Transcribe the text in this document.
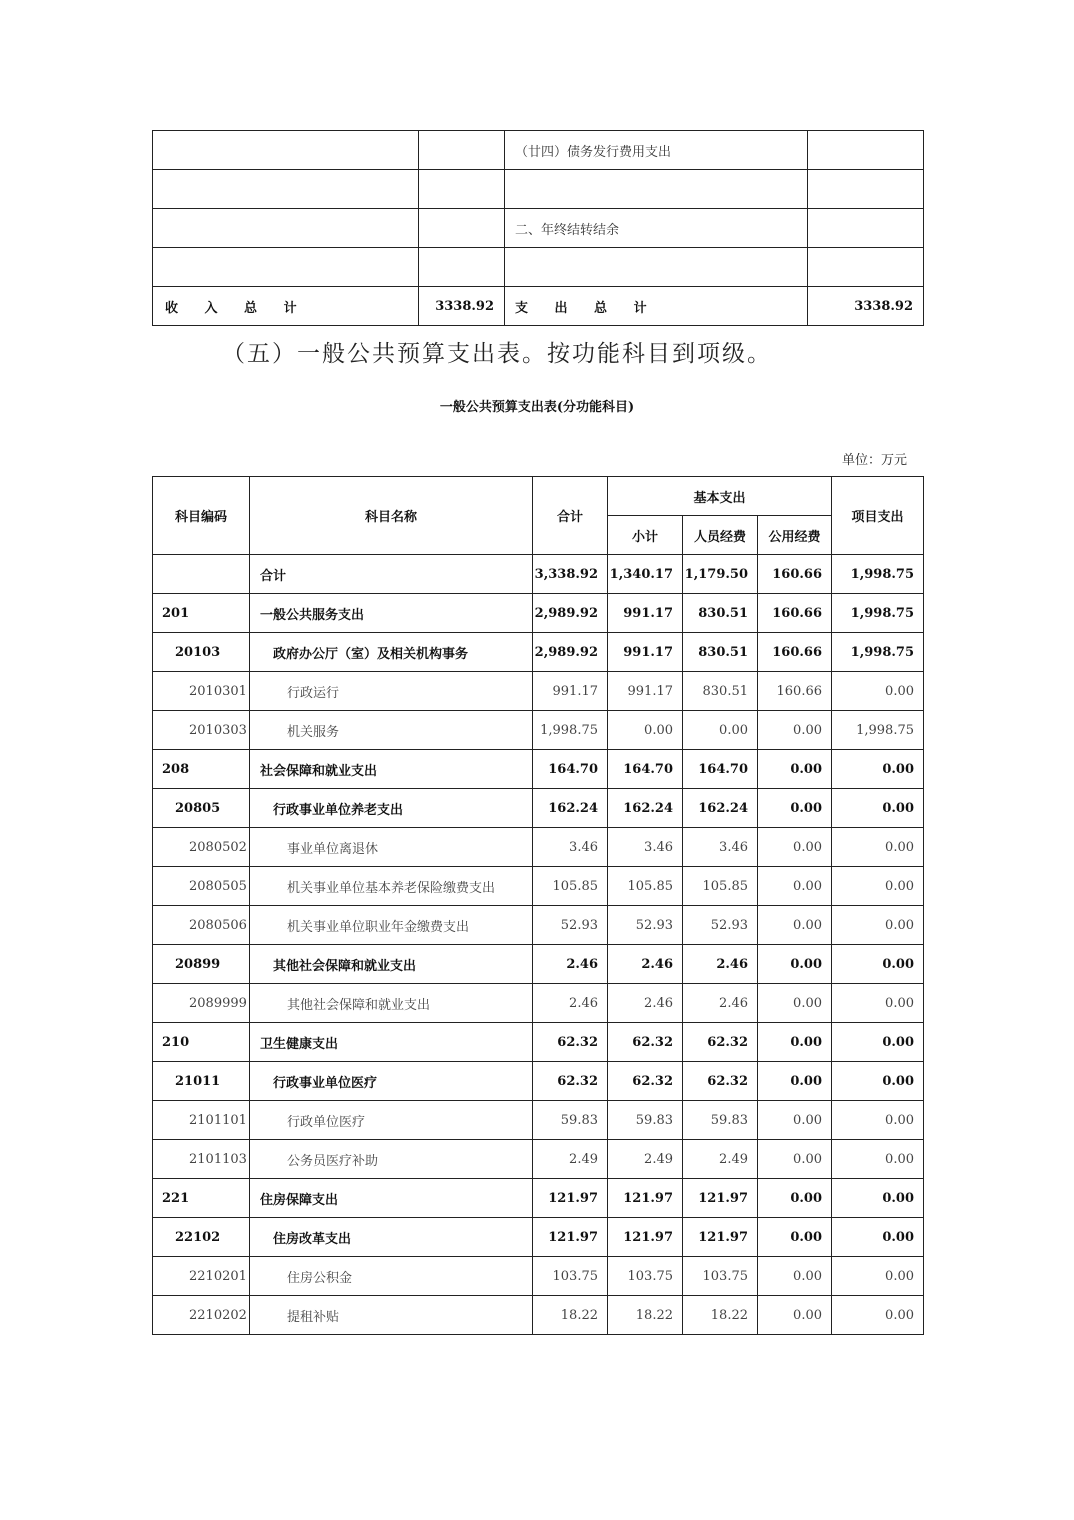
		（廿四）债务发行费用支出	

		二、年终结转结余	

收 入 总 计	3338.92	支 出 总 计	3338.92
（五）一般公共预算支出表。按功能科目到项级。
一般公共预算支出表(分功能科目)
单位：万元
科目编码	科目名称	合计	基本支出			项目支出
			小计	人员经费	公用经费	
	合计	3,338.92	1,340.17	1,179.50	160.66	1,998.75
201	一般公共服务支出	2,989.92	991.17	830.51	160.66	1,998.75
20103	政府办公厅（室）及相关机构事务	2,989.92	991.17	830.51	160.66	1,998.75
2010301	行政运行	991.17	991.17	830.51	160.66	0.00
2010303	机关服务	1,998.75	0.00	0.00	0.00	1,998.75
208	社会保障和就业支出	164.70	164.70	164.70	0.00	0.00
20805	行政事业单位养老支出	162.24	162.24	162.24	0.00	0.00
2080502	事业单位离退休	3.46	3.46	3.46	0.00	0.00
2080505	机关事业单位基本养老保险缴费支出	105.85	105.85	105.85	0.00	0.00
2080506	机关事业单位职业年金缴费支出	52.93	52.93	52.93	0.00	0.00
20899	其他社会保障和就业支出	2.46	2.46	2.46	0.00	0.00
2089999	其他社会保障和就业支出	2.46	2.46	2.46	0.00	0.00
210	卫生健康支出	62.32	62.32	62.32	0.00	0.00
21011	行政事业单位医疗	62.32	62.32	62.32	0.00	0.00
2101101	行政单位医疗	59.83	59.83	59.83	0.00	0.00
2101103	公务员医疗补助	2.49	2.49	2.49	0.00	0.00
221	住房保障支出	121.97	121.97	121.97	0.00	0.00
22102	住房改革支出	121.97	121.97	121.97	0.00	0.00
2210201	住房公积金	103.75	103.75	103.75	0.00	0.00
2210202	提租补贴	18.22	18.22	18.22	0.00	0.00
